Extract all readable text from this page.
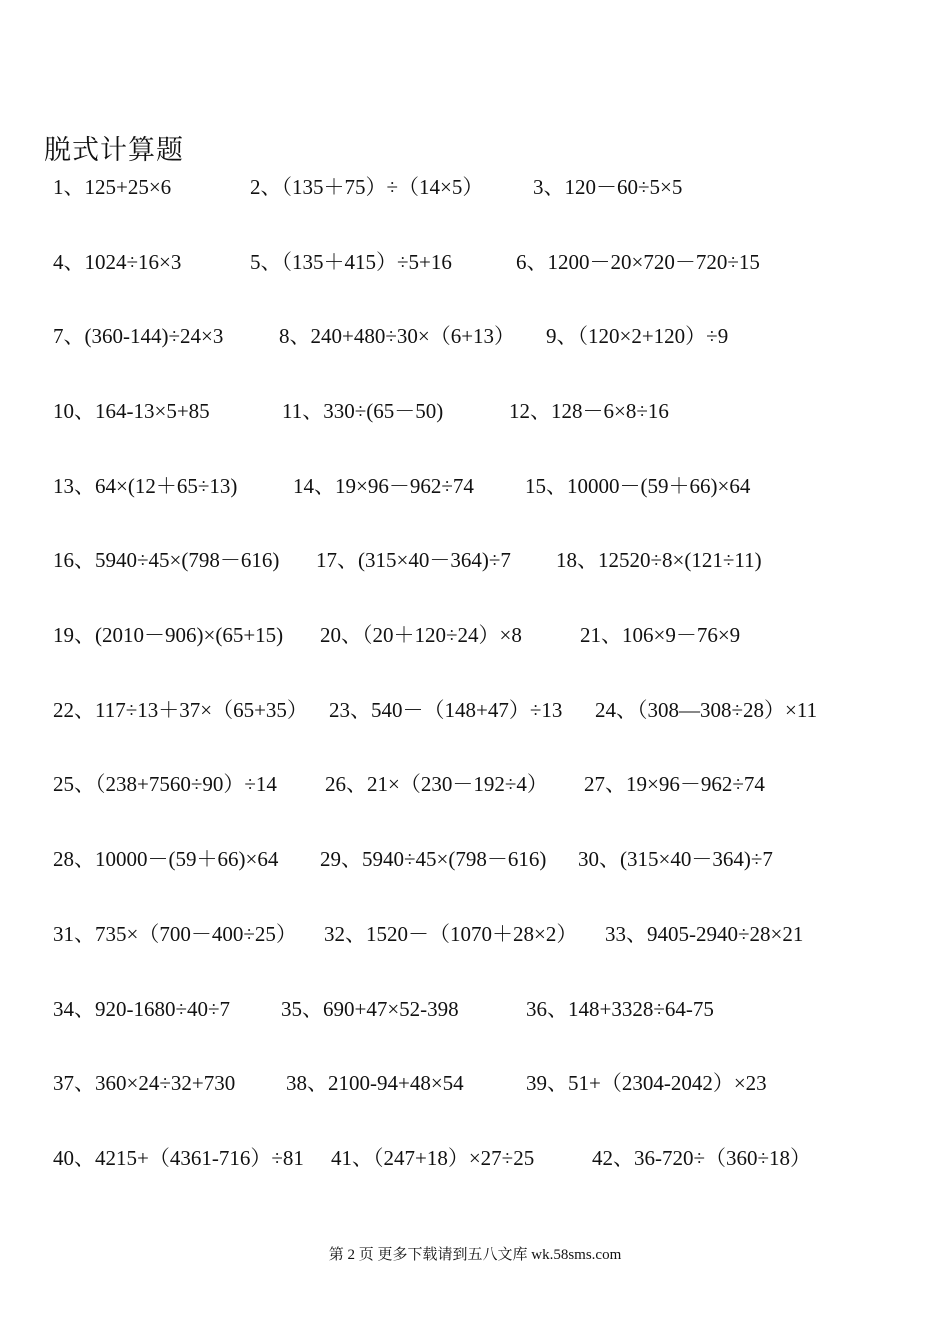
脱式计算题
1、125+25×6	2、（135＋75）÷（14×5） 3、120－60÷5×5
4、1024÷16×3	5、（135＋415）÷5+16	6、1200－20×720－720÷15
7、(360-144)÷24×3	8、240+480÷30×（6+13） 9、（120×2+120）÷9
10、164-13×5+85	11、330÷(65－50)	12、128－6×8÷16
13、64×(12＋65÷13)	14、19×96－962÷74 15、10000－(59＋66)×64
16、5940÷45×(798－616) 17、(315×40－364)÷7 18、12520÷8×(121÷11)
19、(2010－906)×(65+15) 20、（20＋120÷24）×8	21、106×9－76×9
22、117÷13＋37×（65+35） 23、540－（148+47）÷13 24、（308—308÷28）×11
25、（238+7560÷90）÷14 26、21×（230－192÷4） 27、19×96－962÷74
28、10000－(59＋66)×64 29、5940÷45×(798－616) 30、(315×40－364)÷7
31、735×（700－400÷25） 32、1520－（1070＋28×2） 33、9405-2940÷28×21
34、920-1680÷40÷7 35、690+47×52-398	36、148+3328÷64-75
37、360×24÷32+730 38、2100-94+48×54	39、51+（2304-2042）×23
40、4215+（4361-716）÷81 41、（247+18）×27÷25	42、36-720÷（360÷18）
第 2 页 更多下载请到五八文库 wk.58sms.com
